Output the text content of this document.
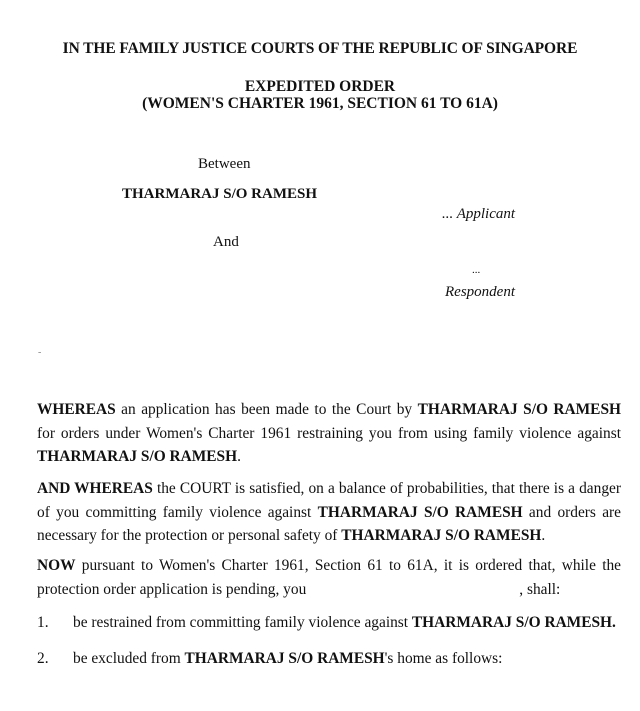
IN THE FAMILY JUSTICE COURTS OF THE REPUBLIC OF SINGAPORE
EXPEDITED ORDER
(WOMEN'S CHARTER 1961, SECTION 61 TO 61A)
Between
THARMARAJ S/O RAMESH
... Applicant
And
...
Respondent
-
WHEREAS an application has been made to the Court by THARMARAJ S/O RAMESH for orders under Women's Charter 1961 restraining you from using family violence against THARMARAJ S/O RAMESH.
AND WHEREAS the COURT is satisfied, on a balance of probabilities, that there is a danger of you committing family violence against THARMARAJ S/O RAMESH and orders are necessary for the protection or personal safety of THARMARAJ S/O RAMESH.
NOW pursuant to Women's Charter 1961, Section 61 to 61A, it is ordered that, while the protection order application is pending, you	, shall:
1. be restrained from committing family violence against THARMARAJ S/O RAMESH.
2. be excluded from THARMARAJ S/O RAMESH's home as follows:
